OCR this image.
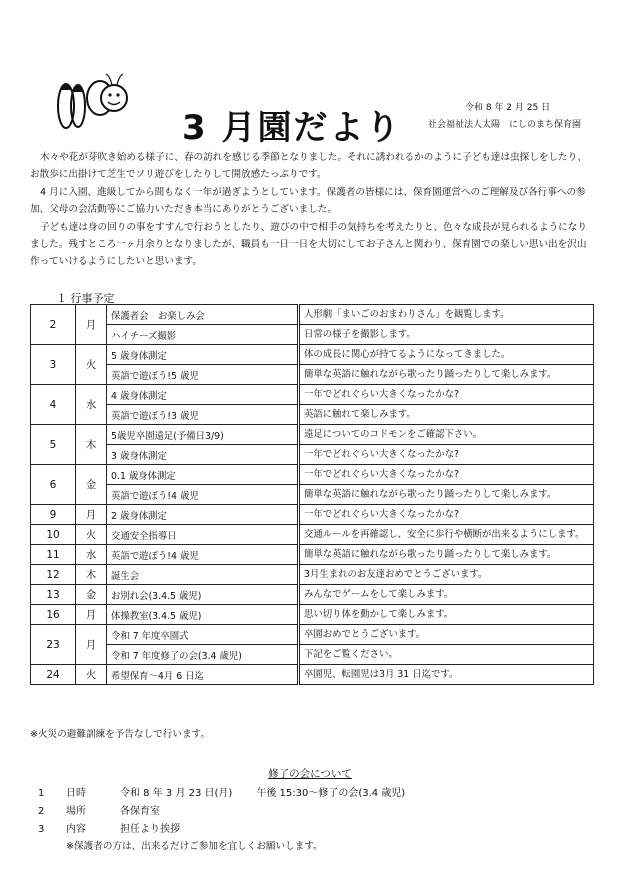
3 月園だより	令和 8 年 2 月 25 日
社会福祉法人太陽　にしのまち保育園

木々や花が芽吹き始める様子に、春の訪れを感じる季節となりました。それに誘われるかのように子ども達は虫探しをしたり、お散歩に出掛けて芝生でソリ遊びをしたりして開放感たっぷりです。

4 月に入園、進級してから間もなく一年が過ぎようとしています。保護者の皆様には、保育園運営へのご理解及び各行事への参加、父母の会活動等にご協力いただき本当にありがとうございました。

子ども達は身の回りの事をすすんで行おうとしたり、遊びの中で相手の気持ちを考えたりと、色々な成長が見られるようになりました。残すところ一ヶ月余りとなりましたが、職員も一日一日を大切にしてお子さんと関わり、保育園での楽しい思い出を沢山作っていけるようにしたいと思います。

１ 行事予定
2	月	保護者会　お楽しみ会	人形劇「まいごのおまわりさん」を観覧します。
		ハイチーズ撮影	日常の様子を撮影します。
3	火	5 歳身体測定	体の成長に関心が持てるようになってきました。
		英語で遊ぼう!5 歳児	簡単な英語に触れながら歌ったり踊ったりして楽しみます。
4	水	4 歳身体測定	一年でどれぐらい大きくなったかな?
		英語で遊ぼう!3 歳児	英語に触れて楽しみます。
5	木	5歳児卒園遠足(予備日3/9)	遠足についてのコドモンをご確認下さい。
		3 歳身体測定	一年でどれぐらい大きくなったかな?
6	金	0.1 歳身体測定	一年でどれぐらい大きくなったかな?
		英語で遊ぼう!4 歳児	簡単な英語に触れながら歌ったり踊ったりして楽しみます。
9	月	2 歳身体測定	一年でどれぐらい大きくなったかな?
10	火	交通安全指導日	交通ルールを再確認し、安全に歩行や横断が出来るようにします。
11	水	英語で遊ぼう!4 歳児	簡単な英語に触れながら歌ったり踊ったりして楽しみます。
12	木	誕生会	3月生まれのお友達おめでとうございます。
13	金	お別れ会(3.4.5 歳児)	みんなでゲームをして楽しみます。
16	月	体操教室(3.4.5 歳児)	思い切り体を動かして楽しみます。
23	月	令和 7 年度卒園式	卒園おめでとうございます。
		令和 7 年度修了の会(3.4 歳児)	下記をご覧ください。
24	火	希望保育～4月 6 日迄	卒園児、転園児は3月 31 日迄です。
※火災の避難訓練を予告なしで行います。
修了の会について
1 日時	令和 8 年 3 月 23 日(月) 午後 15:30～修了の会(3.4 歳児)
2 場所	各保育室
3 内容	担任より挨拶
※保護者の方は、出来るだけご参加を宜しくお願いします。
